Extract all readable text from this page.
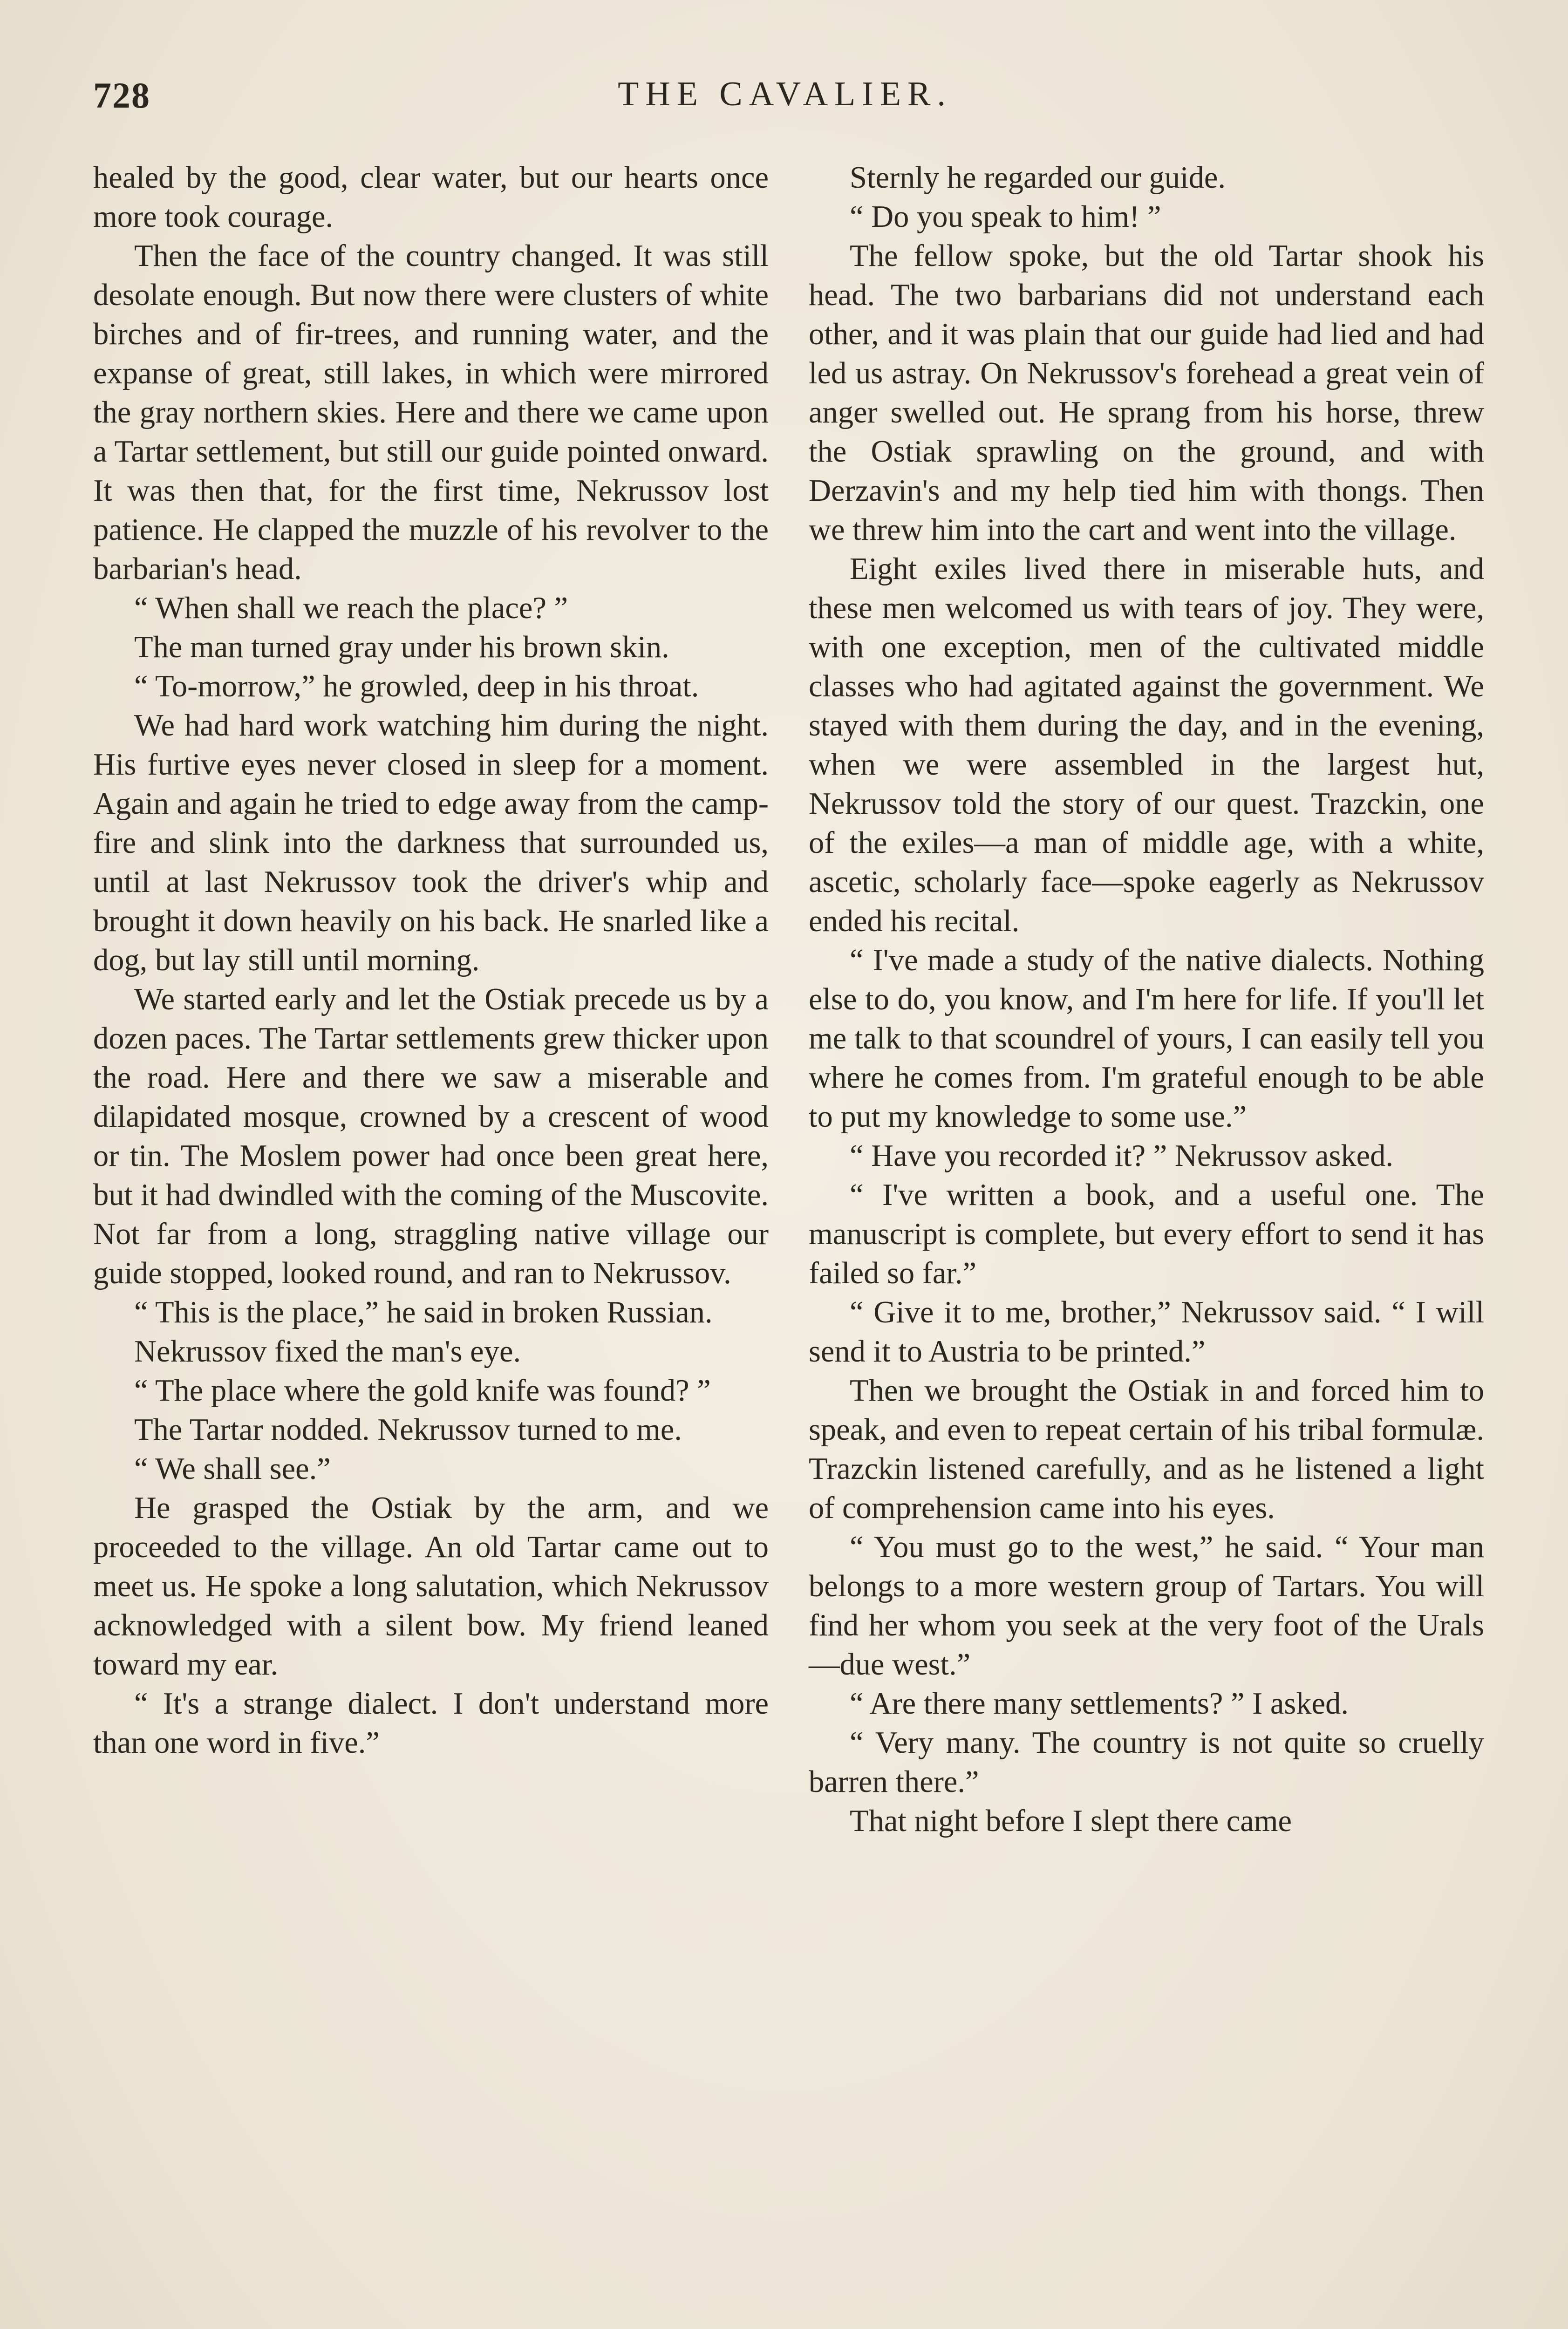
728	THE CAVALIER.

healed by the good, clear water, but our hearts once more took courage.

Then the face of the country changed. It was still desolate enough. But now there were clusters of white birches and of fir-trees, and running water, and the expanse of great, still lakes, in which were mirrored the gray northern skies. Here and there we came upon a Tartar settlement, but still our guide pointed onward. It was then that, for the first time, Nekrussov lost patience. He clapped the muzzle of his revolver to the barbarian's head.

“ When shall we reach the place? ”

The man turned gray under his brown skin.

“ To-morrow,” he growled, deep in his throat.

We had hard work watching him during the night. His furtive eyes never closed in sleep for a moment. Again and again he tried to edge away from the camp-fire and slink into the darkness that surrounded us, until at last Nekrussov took the driver's whip and brought it down heavily on his back. He snarled like a dog, but lay still until morning.

We started early and let the Ostiak precede us by a dozen paces. The Tartar settlements grew thicker upon the road. Here and there we saw a miserable and dilapidated mosque, crowned by a crescent of wood or tin. The Moslem power had once been great here, but it had dwindled with the coming of the Muscovite. Not far from a long, straggling native village our guide stopped, looked round, and ran to Nekrussov.

“ This is the place,” he said in broken Russian.

Nekrussov fixed the man's eye.

“ The place where the gold knife was found? ”

The Tartar nodded. Nekrussov turned to me.

“ We shall see.”

He grasped the Ostiak by the arm, and we proceeded to the village. An old Tartar came out to meet us. He spoke a long salutation, which Nekrussov acknowledged with a silent bow. My friend leaned toward my ear.

“ It's a strange dialect. I don't understand more than one word in five.”

Sternly he regarded our guide.

“ Do you speak to him! ”

The fellow spoke, but the old Tartar shook his head. The two barbarians did not understand each other, and it was plain that our guide had lied and had led us astray. On Nekrussov's forehead a great vein of anger swelled out. He sprang from his horse, threw the Ostiak sprawling on the ground, and with Derzavin's and my help tied him with thongs. Then we threw him into the cart and went into the village.

Eight exiles lived there in miserable huts, and these men welcomed us with tears of joy. They were, with one exception, men of the cultivated middle classes who had agitated against the government. We stayed with them during the day, and in the evening, when we were assembled in the largest hut, Nekrussov told the story of our quest. Trazckin, one of the exiles—a man of middle age, with a white, ascetic, scholarly face—spoke eagerly as Nekrussov ended his recital.

“ I've made a study of the native dialects. Nothing else to do, you know, and I'm here for life. If you'll let me talk to that scoundrel of yours, I can easily tell you where he comes from. I'm grateful enough to be able to put my knowledge to some use.”

“ Have you recorded it? ” Nekrussov asked.

“ I've written a book, and a useful one. The manuscript is complete, but every effort to send it has failed so far.”

“ Give it to me, brother,” Nekrussov said. “ I will send it to Austria to be printed.”

Then we brought the Ostiak in and forced him to speak, and even to repeat certain of his tribal formulæ. Trazckin listened carefully, and as he listened a light of comprehension came into his eyes.

“ You must go to the west,” he said. “ Your man belongs to a more western group of Tartars. You will find her whom you seek at the very foot of the Urals—due west.”

“ Are there many settlements? ” I asked.

“ Very many. The country is not quite so cruelly barren there.”

That night before I slept there came
